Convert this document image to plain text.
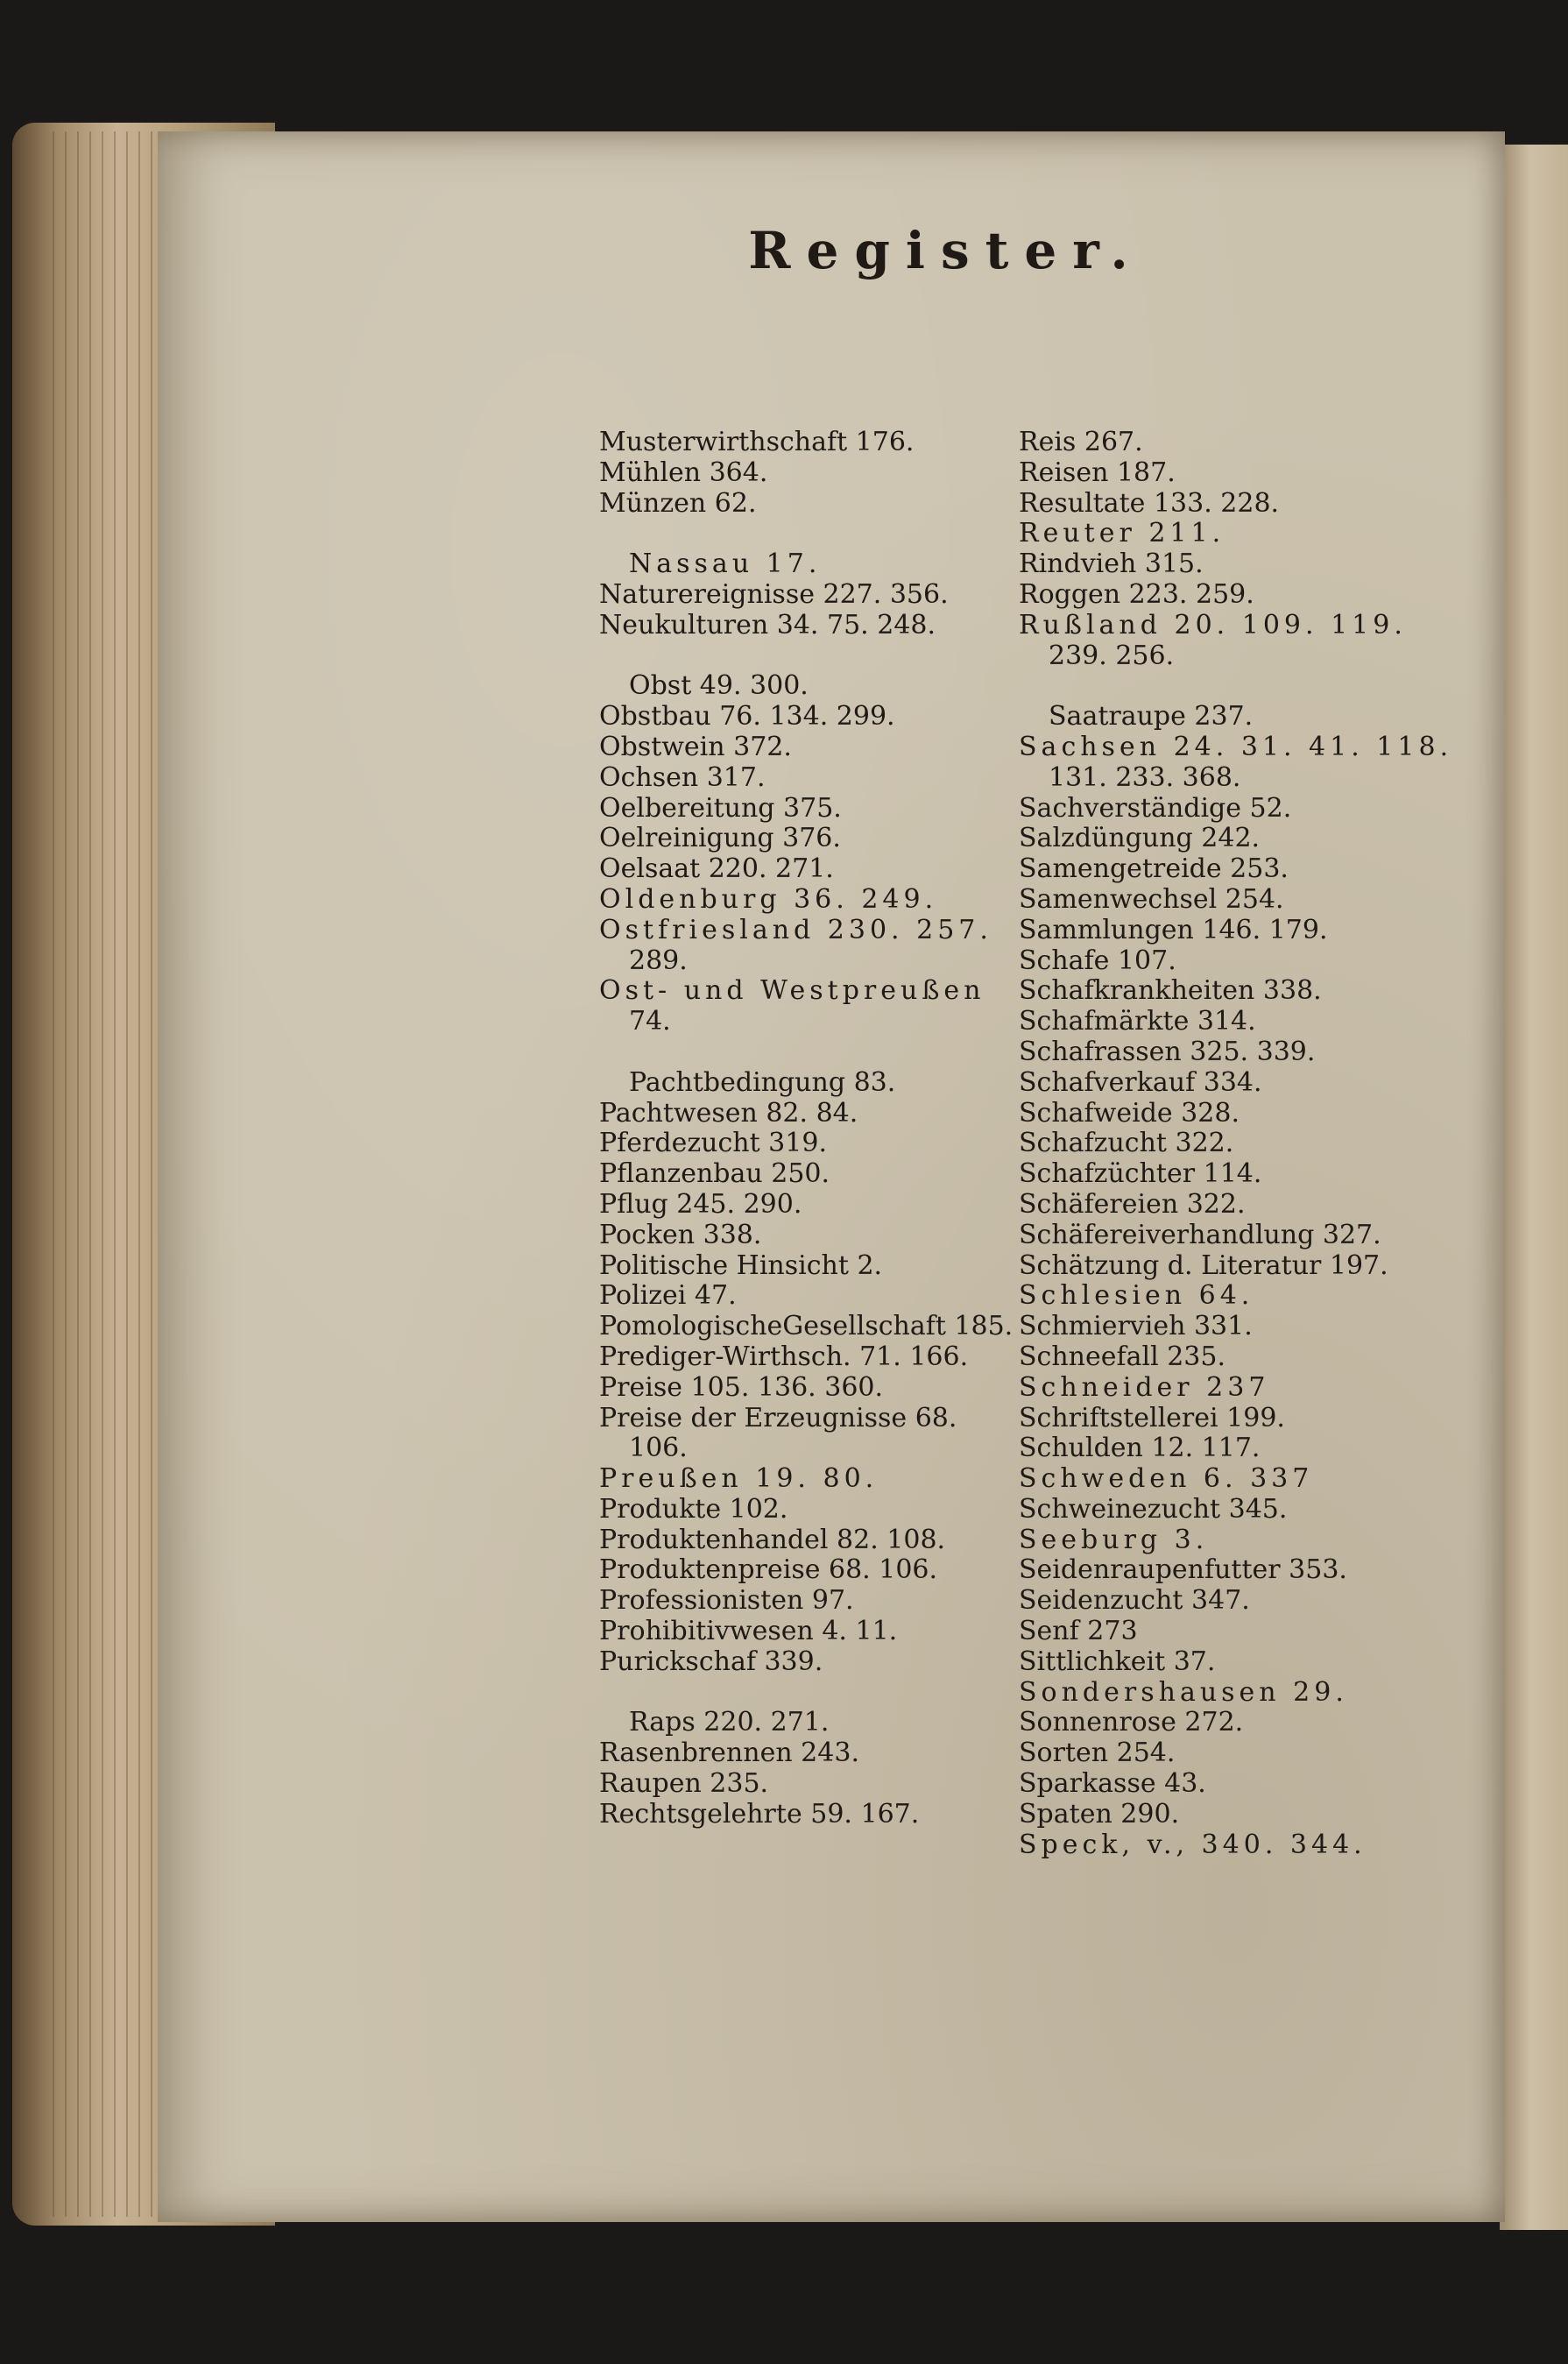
Register.
Musterwirthschaft 176.
Mühlen 364.
Münzen 62.
Nassau 17.
Naturereignisse 227. 356.
Neukulturen 34. 75. 248.
Obst 49. 300.
Obstbau 76. 134. 299.
Obstwein 372.
Ochsen 317.
Oelbereitung 375.
Oelreinigung 376.
Oelsaat 220. 271.
Oldenburg 36. 249.
Ostfriesland 230. 257.
289.
Ost- und Westpreußen
74.
Pachtbedingung 83.
Pachtwesen 82. 84.
Pferdezucht 319.
Pflanzenbau 250.
Pflug 245. 290.
Pocken 338.
Politische Hinsicht 2.
Polizei 47.
PomologischeGesellschaft 185.
Prediger-Wirthsch. 71. 166.
Preise 105. 136. 360.
Preise der Erzeugnisse 68.
106.
Preußen 19. 80.
Produkte 102.
Produktenhandel 82. 108.
Produktenpreise 68. 106.
Professionisten 97.
Prohibitivwesen 4. 11.
Purickschaf 339.
Raps 220. 271.
Rasenbrennen 243.
Raupen 235.
Rechtsgelehrte 59. 167.
Reis 267.
Reisen 187.
Resultate 133. 228.
Reuter 211.
Rindvieh 315.
Roggen 223. 259.
Rußland 20. 109. 119.
239. 256.
Saatraupe 237.
Sachsen 24. 31. 41. 118.
131. 233. 368.
Sachverständige 52.
Salzdüngung 242.
Samengetreide 253.
Samenwechsel 254.
Sammlungen 146. 179.
Schafe 107.
Schafkrankheiten 338.
Schafmärkte 314.
Schafrassen 325. 339.
Schafverkauf 334.
Schafweide 328.
Schafzucht 322.
Schafzüchter 114.
Schäfereien 322.
Schäfereiverhandlung 327.
Schätzung d. Literatur 197.
Schlesien 64.
Schmiervieh 331.
Schneefall 235.
Schneider 237
Schriftstellerei 199.
Schulden 12. 117.
Schweden 6. 337
Schweinezucht 345.
Seeburg 3.
Seidenraupenfutter 353.
Seidenzucht 347.
Senf 273
Sittlichkeit 37.
Sondershausen 29.
Sonnenrose 272.
Sorten 254.
Sparkasse 43.
Spaten 290.
Speck, v., 340. 344.
